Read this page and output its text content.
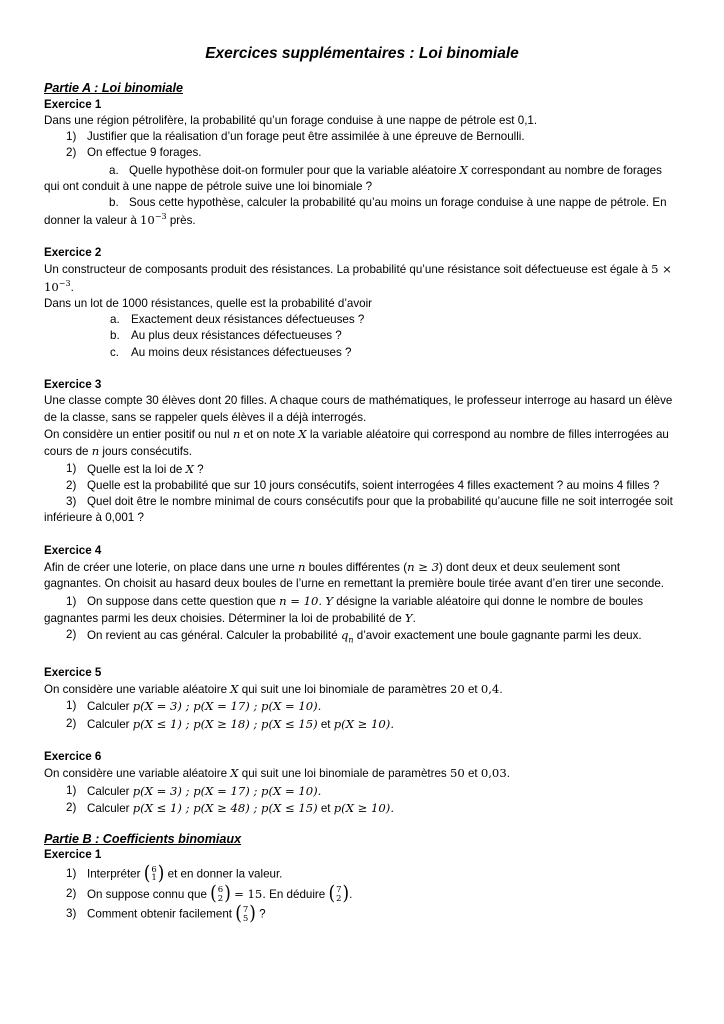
Exercices supplémentaires : Loi binomiale
Partie A : Loi binomiale

Exercice 1

Dans une région pétrolifère, la probabilité qu’un forage conduise à une nappe de pétrole est 0,1.

1) Justifier que la réalisation d’un forage peut être assimilée à une épreuve de Bernoulli.
2) On effectue 9 forages.

a. Quelle hypothèse doit-on formuler pour que la variable aléatoire X correspondant au nombre de forages qui ont conduit à une nappe de pétrole suive une loi binomiale ?

b. Sous cette hypothèse, calculer la probabilité qu’au moins un forage conduise à une nappe de pétrole. En donner la valeur à $10^{-3}$ près.

Exercice 2

Un constructeur de composants produit des résistances. La probabilité qu’une résistance soit défectueuse est égale à $5 \times 10^{-3}$.

Dans un lot de 1000 résistances, quelle est la probabilité d’avoir

a. Exactement deux résistances défectueuses ?
b. Au plus deux résistances défectueuses ?
c. Au moins deux résistances défectueuses ?

Exercice 3

Une classe compte 30 élèves dont 20 filles. A chaque cours de mathématiques, le professeur interroge au hasard un élève de la classe, sans se rappeler quels élèves il a déjà interrogés.

On considère un entier positif ou nul n et on note X la variable aléatoire qui correspond au nombre de filles interrogées au cours de n jours consécutifs.

1) Quelle est la loi de X ?

2) Quelle est la probabilité que sur 10 jours consécutifs, soient interrogées 4 filles exactement ? au moins 4 filles ?

3) Quel doit être le nombre minimal de cours consécutifs pour que la probabilité qu’aucune fille ne soit interrogée soit inférieure à 0,001 ?

Exercice 4

Afin de créer une loterie, on place dans une urne n boules différentes (n ≥ 3) dont deux et deux seulement sont gagnantes. On choisit au hasard deux boules de l’urne en remettant la première boule tirée avant d’en tirer une seconde.

1) On suppose dans cette question que n = 10. Y désigne la variable aléatoire qui donne le nombre de boules gagnantes parmi les deux choisies. Déterminer la loi de probabilité de Y.

2) On revient au cas général. Calculer la probabilité $q_n$ d’avoir exactement une boule gagnante parmi les deux.

Exercice 5

On considère une variable aléatoire X qui suit une loi binomiale de paramètres 20 et 0,4.

1) Calculer p(X = 3) ; p(X = 17) ; p(X = 10).
2) Calculer p(X ≤ 1) ; p(X ≥ 18) ; p(X ≤ 15) et p(X ≥ 10).

Exercice 6

On considère une variable aléatoire X qui suit une loi binomiale de paramètres 50 et 0,03.

1) Calculer p(X = 3) ; p(X = 17) ; p(X = 10).
2) Calculer p(X ≤ 1) ; p(X ≥ 48) ; p(X ≤ 15) et p(X ≥ 10).
Partie B : Coefficients binomiaux

Exercice 1

1) Interpréter ( 6
1 ) et en donner la valeur.
2) On suppose connu que ( 6
2 ) = 15. En déduire ( 7
2 ) .
3) Comment obtenir facilement ( 7
5 ) ?
